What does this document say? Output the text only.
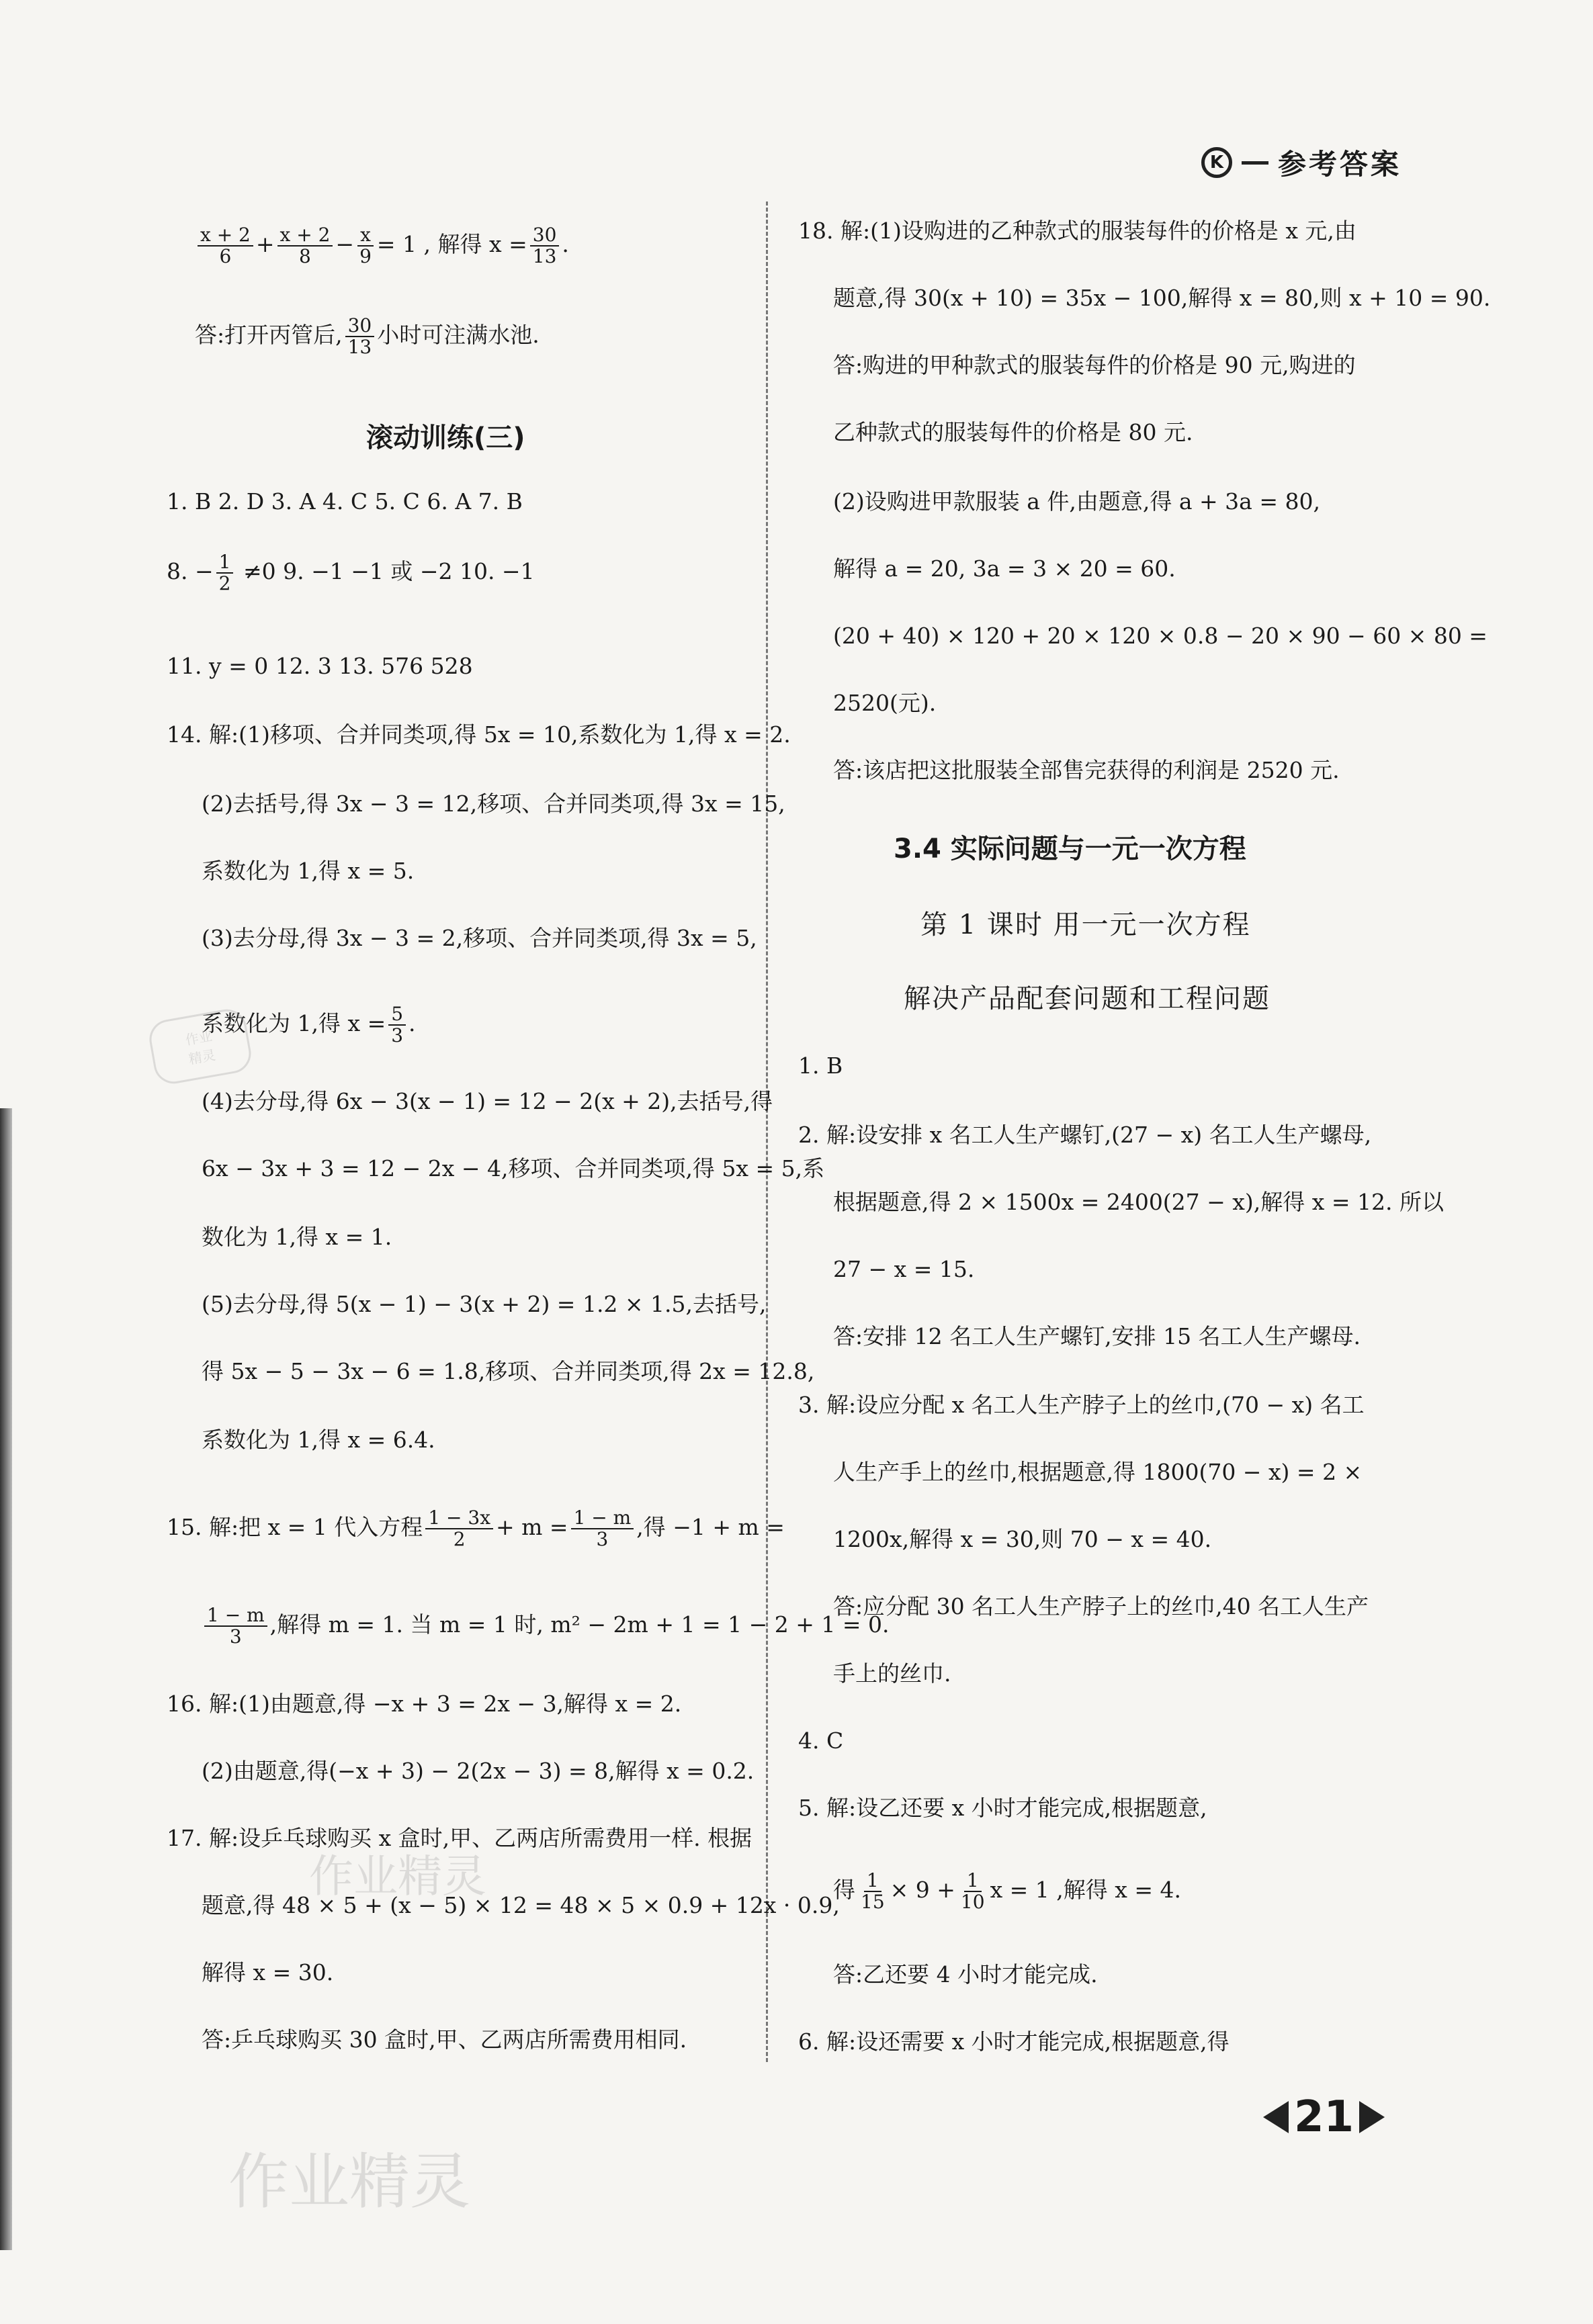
K	参考答案
$\frac{x + 2}{6} + \frac{x + 2}{8} - \frac{x}{9} = 1$ , 解得 $x = \frac{30}{13}$ .
答:打开丙管后, $\frac{30}{13}$ 小时可注满水池.
滚动训练(三)
1. B 2. D 3. A 4. C 5. C 6. A 7. B
8. − $\frac{1}{2} \ne 0$ 9. −1 −1 或 −2 10. −1
11. y = 0 12. 3 13. 576 528
14. 解:(1)移项、合并同类项,得 5x = 10,系数化为 1,得 x = 2.
(2)去括号,得 3x − 3 = 12,移项、合并同类项,得 3x = 15,
系数化为 1,得 x = 5.
(3)去分母,得 3x − 3 = 2,移项、合并同类项,得 3x = 5,
系数化为 1,得 $x = \frac{5}{3}$ .
(4)去分母,得 6x − 3(x − 1) = 12 − 2(x + 2),去括号,得
6x − 3x + 3 = 12 − 2x − 4,移项、合并同类项,得 5x = 5,系
数化为 1,得 x = 1.
(5)去分母,得 5(x − 1) − 3(x + 2) = 1.2 × 1.5,去括号,
得 5x − 5 − 3x − 6 = 1.8,移项、合并同类项,得 2x = 12.8,
系数化为 1,得 x = 6.4.
15. 解:把 x = 1 代入方程 $\frac{1 - 3x}{2} + m = \frac{1 - m}{3}$ ,得 −1 + m =
$\frac{1 - m}{3}$ ,解得 m = 1. 当 m = 1 时, m² − 2m + 1 = 1 − 2 + 1 = 0.
16. 解:(1)由题意,得 −x + 3 = 2x − 3,解得 x = 2.
(2)由题意,得(−x + 3) − 2(2x − 3) = 8,解得 x = 0.2.
17. 解:设乒乓球购买 x 盒时,甲、乙两店所需费用一样. 根据
题意,得 48 × 5 + (x − 5) × 12 = 48 × 5 × 0.9 + 12x · 0.9,
解得 x = 30.
答:乒乓球购买 30 盒时,甲、乙两店所需费用相同.
18. 解:(1)设购进的乙种款式的服装每件的价格是 x 元,由
题意,得 30(x + 10) = 35x − 100,解得 x = 80,则 x + 10 = 90.
答:购进的甲种款式的服装每件的价格是 90 元,购进的
乙种款式的服装每件的价格是 80 元.
(2)设购进甲款服装 a 件,由题意,得 a + 3a = 80,
解得 a = 20, 3a = 3 × 20 = 60.
(20 + 40) × 120 + 20 × 120 × 0.8 − 20 × 90 − 60 × 80 =
2520(元).
答:该店把这批服装全部售完获得的利润是 2520 元.
3.4 实际问题与一元一次方程
第 1 课时 用一元一次方程
解决产品配套问题和工程问题
1. B
2. 解:设安排 x 名工人生产螺钉,(27 − x) 名工人生产螺母,
根据题意,得 2 × 1500x = 2400(27 − x),解得 x = 12. 所以
27 − x = 15.
答:安排 12 名工人生产螺钉,安排 15 名工人生产螺母.
3. 解:设应分配 x 名工人生产脖子上的丝巾,(70 − x) 名工
人生产手上的丝巾,根据题意,得 1800(70 − x) = 2 ×
1200x,解得 x = 30,则 70 − x = 40.
答:应分配 30 名工人生产脖子上的丝巾,40 名工人生产
手上的丝巾.
4. C
5. 解:设乙还要 x 小时才能完成,根据题意,
得 $\frac{1}{15} \times 9 + \frac{1}{10}$ x = 1 ,解得 x = 4.
答:乙还要 4 小时才能完成.
6. 解:设还需要 x 小时才能完成,根据题意,得
21
作业精灵
作业精灵
作业
精灵
